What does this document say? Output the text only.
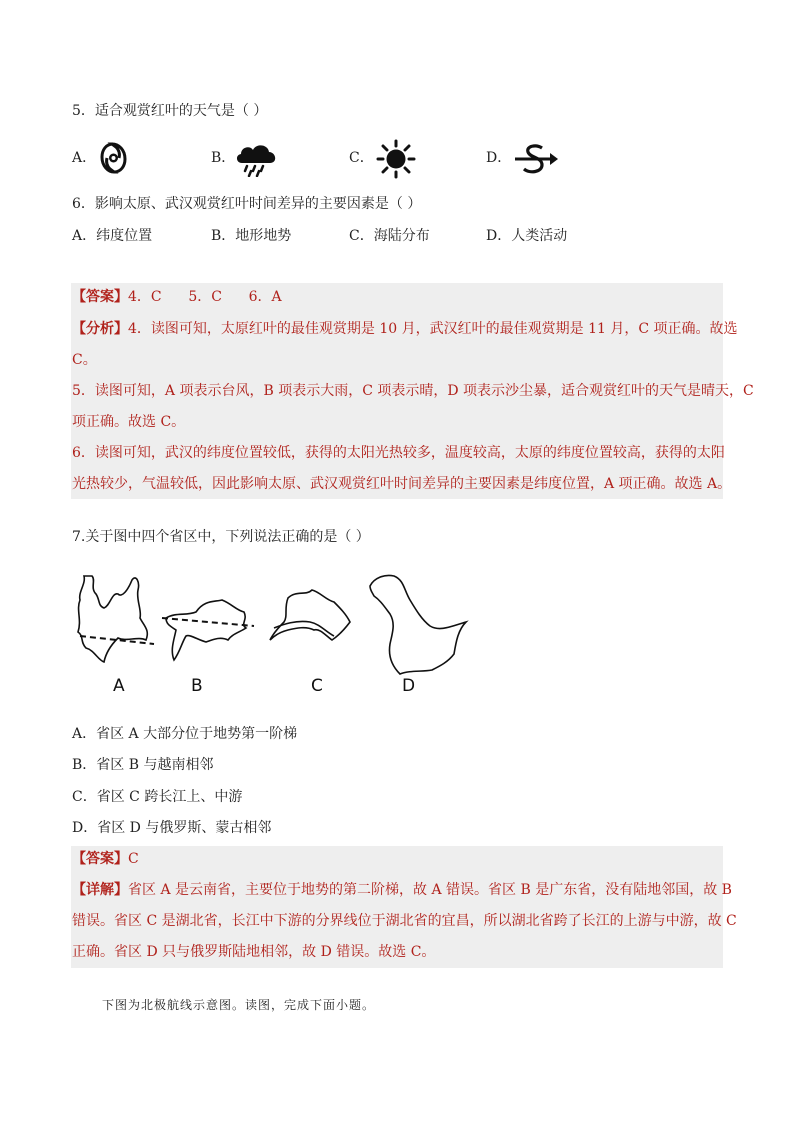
5．适合观赏红叶的天气是（ ）
A．	B．	C．	D．
6．影响太原、武汉观赏红叶时间差异的主要因素是（ ）
A．纬度位置	B．地形地势	C．海陆分布	D．人类活动
【答案】4．C      5．C      6．A
【分析】4．读图可知，太原红叶的最佳观赏期是 10 月，武汉红叶的最佳观赏期是 11 月，C 项正确。故选
C。
5．读图可知，A 项表示台风，B 项表示大雨，C 项表示晴，D 项表示沙尘暴，适合观赏红叶的天气是晴天，C
项正确。故选 C。
6．读图可知，武汉的纬度位置较低，获得的太阳光热较多，温度较高，太原的纬度位置较高，获得的太阳
光热较少，气温较低，因此影响太原、武汉观赏红叶时间差异的主要因素是纬度位置，A 项正确。故选 A。
7.关于图中四个省区中，下列说法正确的是（ ）
A	B	C	D
A．省区 A 大部分位于地势第一阶梯
B．省区 B 与越南相邻
C．省区 C 跨长江上、中游
D．省区 D 与俄罗斯、蒙古相邻
【答案】C
【详解】省区 A 是云南省，主要位于地势的第二阶梯，故 A 错误。省区 B 是广东省，没有陆地邻国，故 B
错误。省区 C 是湖北省，长江中下游的分界线位于湖北省的宜昌，所以湖北省跨了长江的上游与中游，故 C
正确。省区 D 只与俄罗斯陆地相邻，故 D 错误。故选 C。
下图为北极航线示意图。读图，完成下面小题。
